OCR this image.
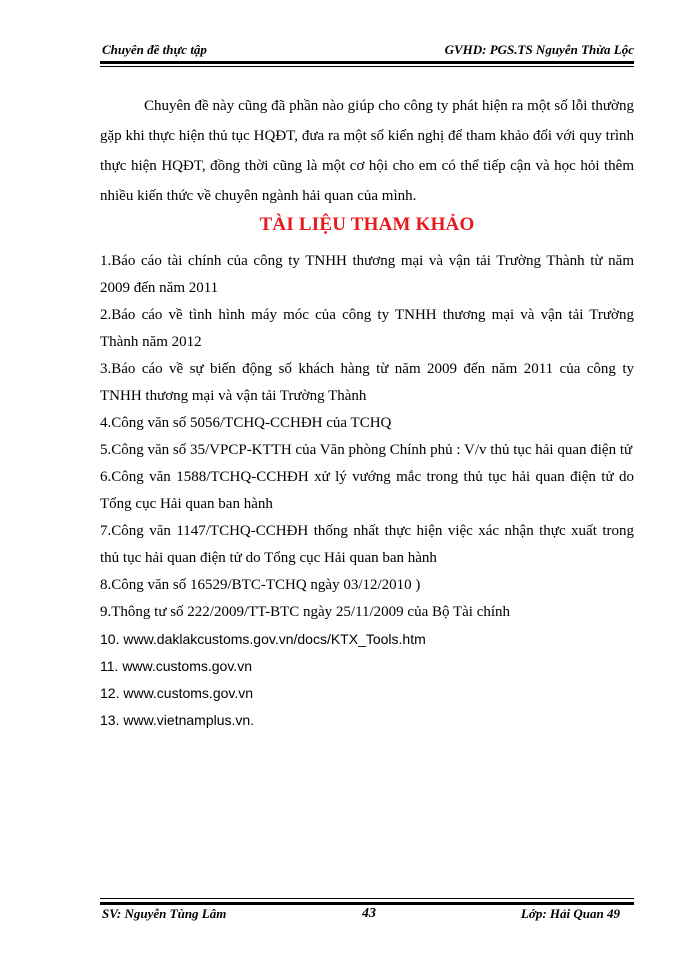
Chuyên đề thực tập	GVHD: PGS.TS Nguyễn Thừa Lộc

Chuyên đề này cũng đã phần nào giúp cho công ty phát hiện ra một số lỗi thường gặp khi thực hiện thủ tục HQĐT, đưa ra một số kiến nghị để tham khảo đối với quy trình thực hiện HQĐT, đồng thời cũng là một cơ hội cho em có thể tiếp cận và học hỏi thêm nhiều kiến thức về chuyên ngành hải quan của mình.

TÀI LIỆU THAM KHẢO

1.Báo cáo tài chính của công ty TNHH thương mại và vận tải Trường Thành từ năm 2009 đến năm 2011

2.Báo cáo về tình hình máy móc của công ty TNHH thương mại và vận tải Trường Thành năm 2012

3.Báo cáo về sự biến động số khách hàng từ năm 2009 đến năm 2011 của công ty TNHH thương mại và vận tải Trường Thành

4.Công văn số 5056/TCHQ-CCHĐH của TCHQ

5.Công văn số 35/VPCP-KTTH của Văn phòng Chính phủ : V/v thủ tục hải quan điện tử

6.Công văn 1588/TCHQ-CCHĐH xử lý vướng mắc trong thủ tục hải quan điện tử do Tổng cục Hải quan ban hành

7.Công văn 1147/TCHQ-CCHĐH thống nhất thực hiện việc xác nhận thực xuất trong thủ tục hải quan điện tử do Tổng cục Hải quan ban hành

8.Công văn số 16529/BTC-TCHQ ngày 03/12/2010 )

9.Thông tư số 222/2009/TT-BTC ngày 25/11/2009 của Bộ Tài chính

10. www.daklakcustoms.gov.vn/docs/KTX_Tools.htm

11. www.customs.gov.vn

12. www.customs.gov.vn

13. www.vietnamplus.vn.

SV: Nguyễn Tùng Lâm	43	Lớp: Hải Quan 49
